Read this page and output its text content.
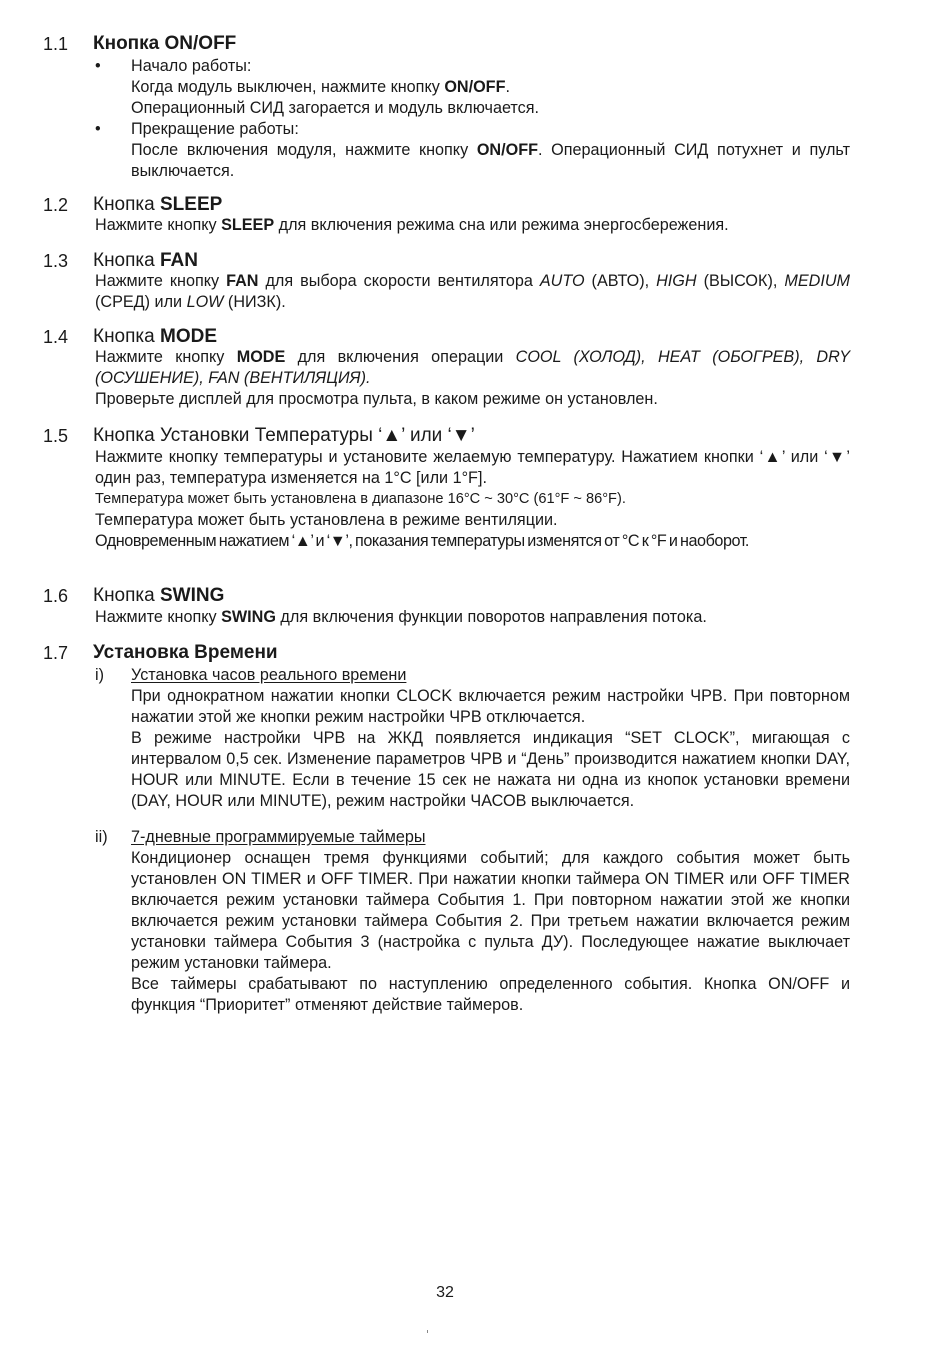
1.1 Кнопка ON/OFF
• Начало работы:

Когда модуль выключен, нажмите кнопку ON/OFF.

Операционный СИД загорается и модуль включается.

• Прекращение работы:

После включения модуля, нажмите кнопку ON/OFF. Операционный СИД потухнет и пульт выключается.

1.2 Кнопка SLEEP

Нажмите кнопку SLEEP для включения режима сна или режима энергосбережения.

1.3 Кнопка FAN

Нажмите кнопку FAN для выбора скорости вентилятора AUTO (АВТО), HIGH (ВЫСОК), MEDIUM (СРЕД) или LOW (НИЗК).

1.4 Кнопка MODE

Нажмите кнопку MODE для включения операции COOL (ХОЛОД), HEAT (ОБОГРЕВ), DRY (ОСУШЕНИЕ), FAN (ВЕНТИЛЯЦИЯ).

Проверьте дисплей для просмотра пульта, в каком режиме он установлен.

1.5 Кнопка Установки Температуры ‘▲’ или ‘▼’

Нажмите кнопку температуры и установите желаемую температуру. Нажатием кнопки ‘▲’ или ‘▼’ один раз, температура изменяется на 1°C [или 1°F].

Температура может быть установлена в диапазоне 16°C ~ 30°C (61°F ~ 86°F).

Температура может быть установлена в режиме вентиляции.

Одновременным нажатием ‘▲’ и ‘▼’, показания температуры изменятся от °C к °F и наоборот.

1.6 Кнопка SWING

Нажмите кнопку SWING для включения функции поворотов направления потока.

1.7 Установка Времени
i) Установка часов реального времени

При однократном нажатии кнопки CLOCK включается режим настройки ЧРВ. При повторном нажатии этой же кнопки режим настройки ЧРВ отключается.

В режиме настройки ЧРВ на ЖКД появляется индикация “SET CLOCK”, мигающая с интервалом 0,5 сек. Изменение параметров ЧРВ и “День” производится нажатием кнопки DAY, HOUR или MINUTE. Если в течение 15 сек не нажата ни одна из кнопок установки времени (DAY, HOUR или MINUTE), режим настройки ЧАСОВ выключается.

ii) 7-дневные программируемые таймеры

Кондиционер оснащен тремя функциями событий; для каждого события может быть установлен ON TIMER и OFF TIMER. При нажатии кнопки таймера ON TIMER или OFF TIMER включается режим установки таймера События 1. При повторном нажатии этой же кнопки включается режим установки таймера События 2. При третьем нажатии включается режим установки таймера События 3 (настройка с пульта ДУ). Последующее нажатие выключает режим установки таймера.

Все таймеры срабатывают по наступлению определенного события. Кнопка ON/OFF и функция “Приоритет” отменяют действие таймеров.

32
